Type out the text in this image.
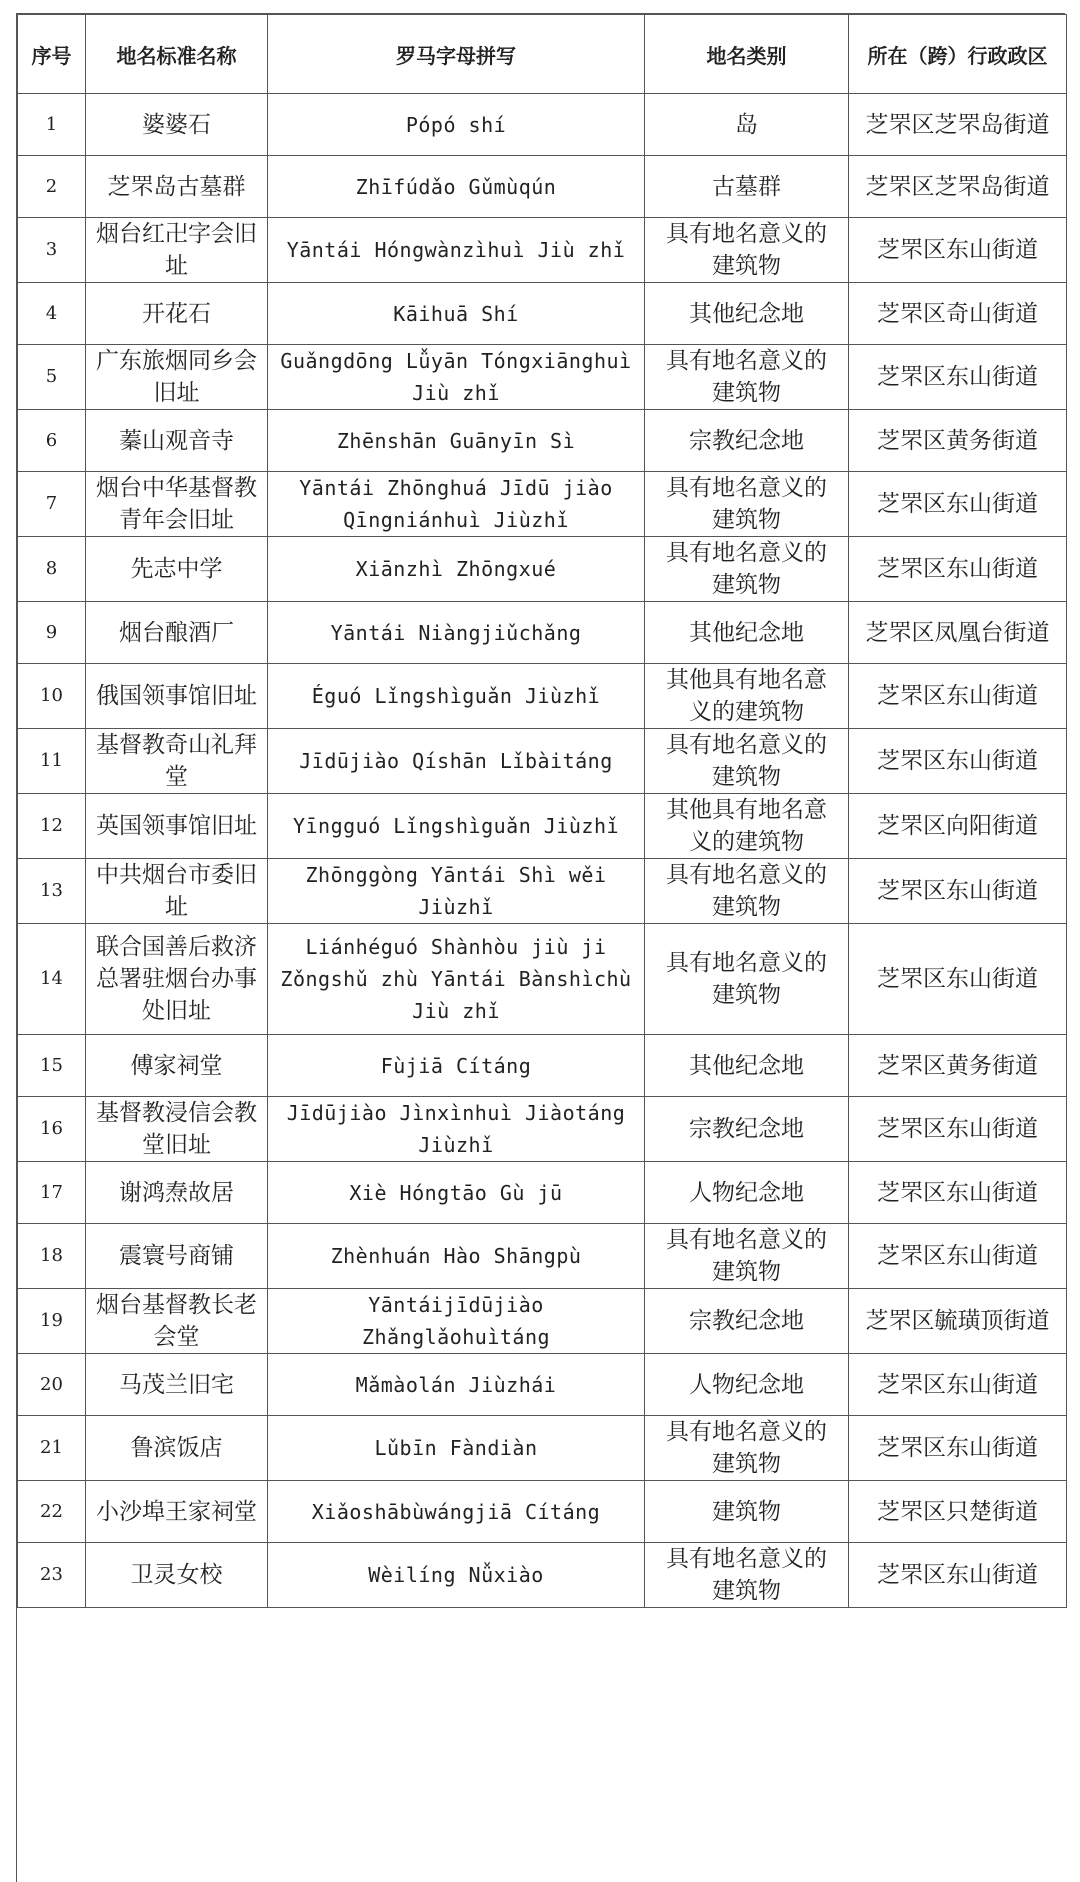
序号	地名标准名称	罗马字母拼写	地名类别	所在（跨）行政政区
1	婆婆石	Pópó shí	岛	芝罘区芝罘岛街道
2	芝罘岛古墓群	Zhīfúdǎo Gǔmùqún	古墓群	芝罘区芝罘岛街道
3	烟台红卍字会旧址	Yāntái Hóngwànzìhuì Jiù zhǐ	具有地名意义的建筑物	芝罘区东山街道
4	开花石	Kāihuā Shí	其他纪念地	芝罘区奇山街道
5	广东旅烟同乡会旧址	Guǎngdōng Lǚyān Tóngxiānghuì Jiù zhǐ	具有地名意义的建筑物	芝罘区东山街道
6	蓁山观音寺	Zhēnshān Guānyīn Sì	宗教纪念地	芝罘区黄务街道
7	烟台中华基督教青年会旧址	Yāntái Zhōnghuá Jīdū jiào Qīngniánhuì Jiùzhǐ	具有地名意义的建筑物	芝罘区东山街道
8	先志中学	Xiānzhì Zhōngxué	具有地名意义的建筑物	芝罘区东山街道
9	烟台酿酒厂	Yāntái Niàngjiǔchǎng	其他纪念地	芝罘区凤凰台街道
10	俄国领事馆旧址	Éguó Lǐngshìguǎn Jiùzhǐ	其他具有地名意义的建筑物	芝罘区东山街道
11	基督教奇山礼拜堂	Jīdūjiào Qíshān Lǐbàitáng	具有地名意义的建筑物	芝罘区东山街道
12	英国领事馆旧址	Yīngguó Lǐngshìguǎn Jiùzhǐ	其他具有地名意义的建筑物	芝罘区向阳街道
13	中共烟台市委旧址	Zhōnggòng Yāntái Shì wěi Jiùzhǐ	具有地名意义的建筑物	芝罘区东山街道
14	联合国善后救济总署驻烟台办事处旧址	Liánhéguó Shànhòu jiù ji Zǒngshǔ zhù Yāntái Bànshìchù Jiù zhǐ	具有地名意义的建筑物	芝罘区东山街道
15	傅家祠堂	Fùjiā Cítáng	其他纪念地	芝罘区黄务街道
16	基督教浸信会教堂旧址	Jīdūjiào Jìnxìnhuì Jiàotáng Jiùzhǐ	宗教纪念地	芝罘区东山街道
17	谢鸿焘故居	Xiè Hóngtāo Gù jū	人物纪念地	芝罘区东山街道
18	震寰号商铺	Zhènhuán Hào Shāngpù	具有地名意义的建筑物	芝罘区东山街道
19	烟台基督教长老会堂	Yāntáijīdūjiào Zhǎnglǎohuìtáng	宗教纪念地	芝罘区毓璜顶街道
20	马茂兰旧宅	Mǎmàolán Jiùzhái	人物纪念地	芝罘区东山街道
21	鲁滨饭店	Lǔbīn Fàndiàn	具有地名意义的建筑物	芝罘区东山街道
22	小沙埠王家祠堂	Xiǎoshābùwángjiā Cítáng	建筑物	芝罘区只楚街道
23	卫灵女校	Wèilíng Nǚxiào	具有地名意义的建筑物	芝罘区东山街道
